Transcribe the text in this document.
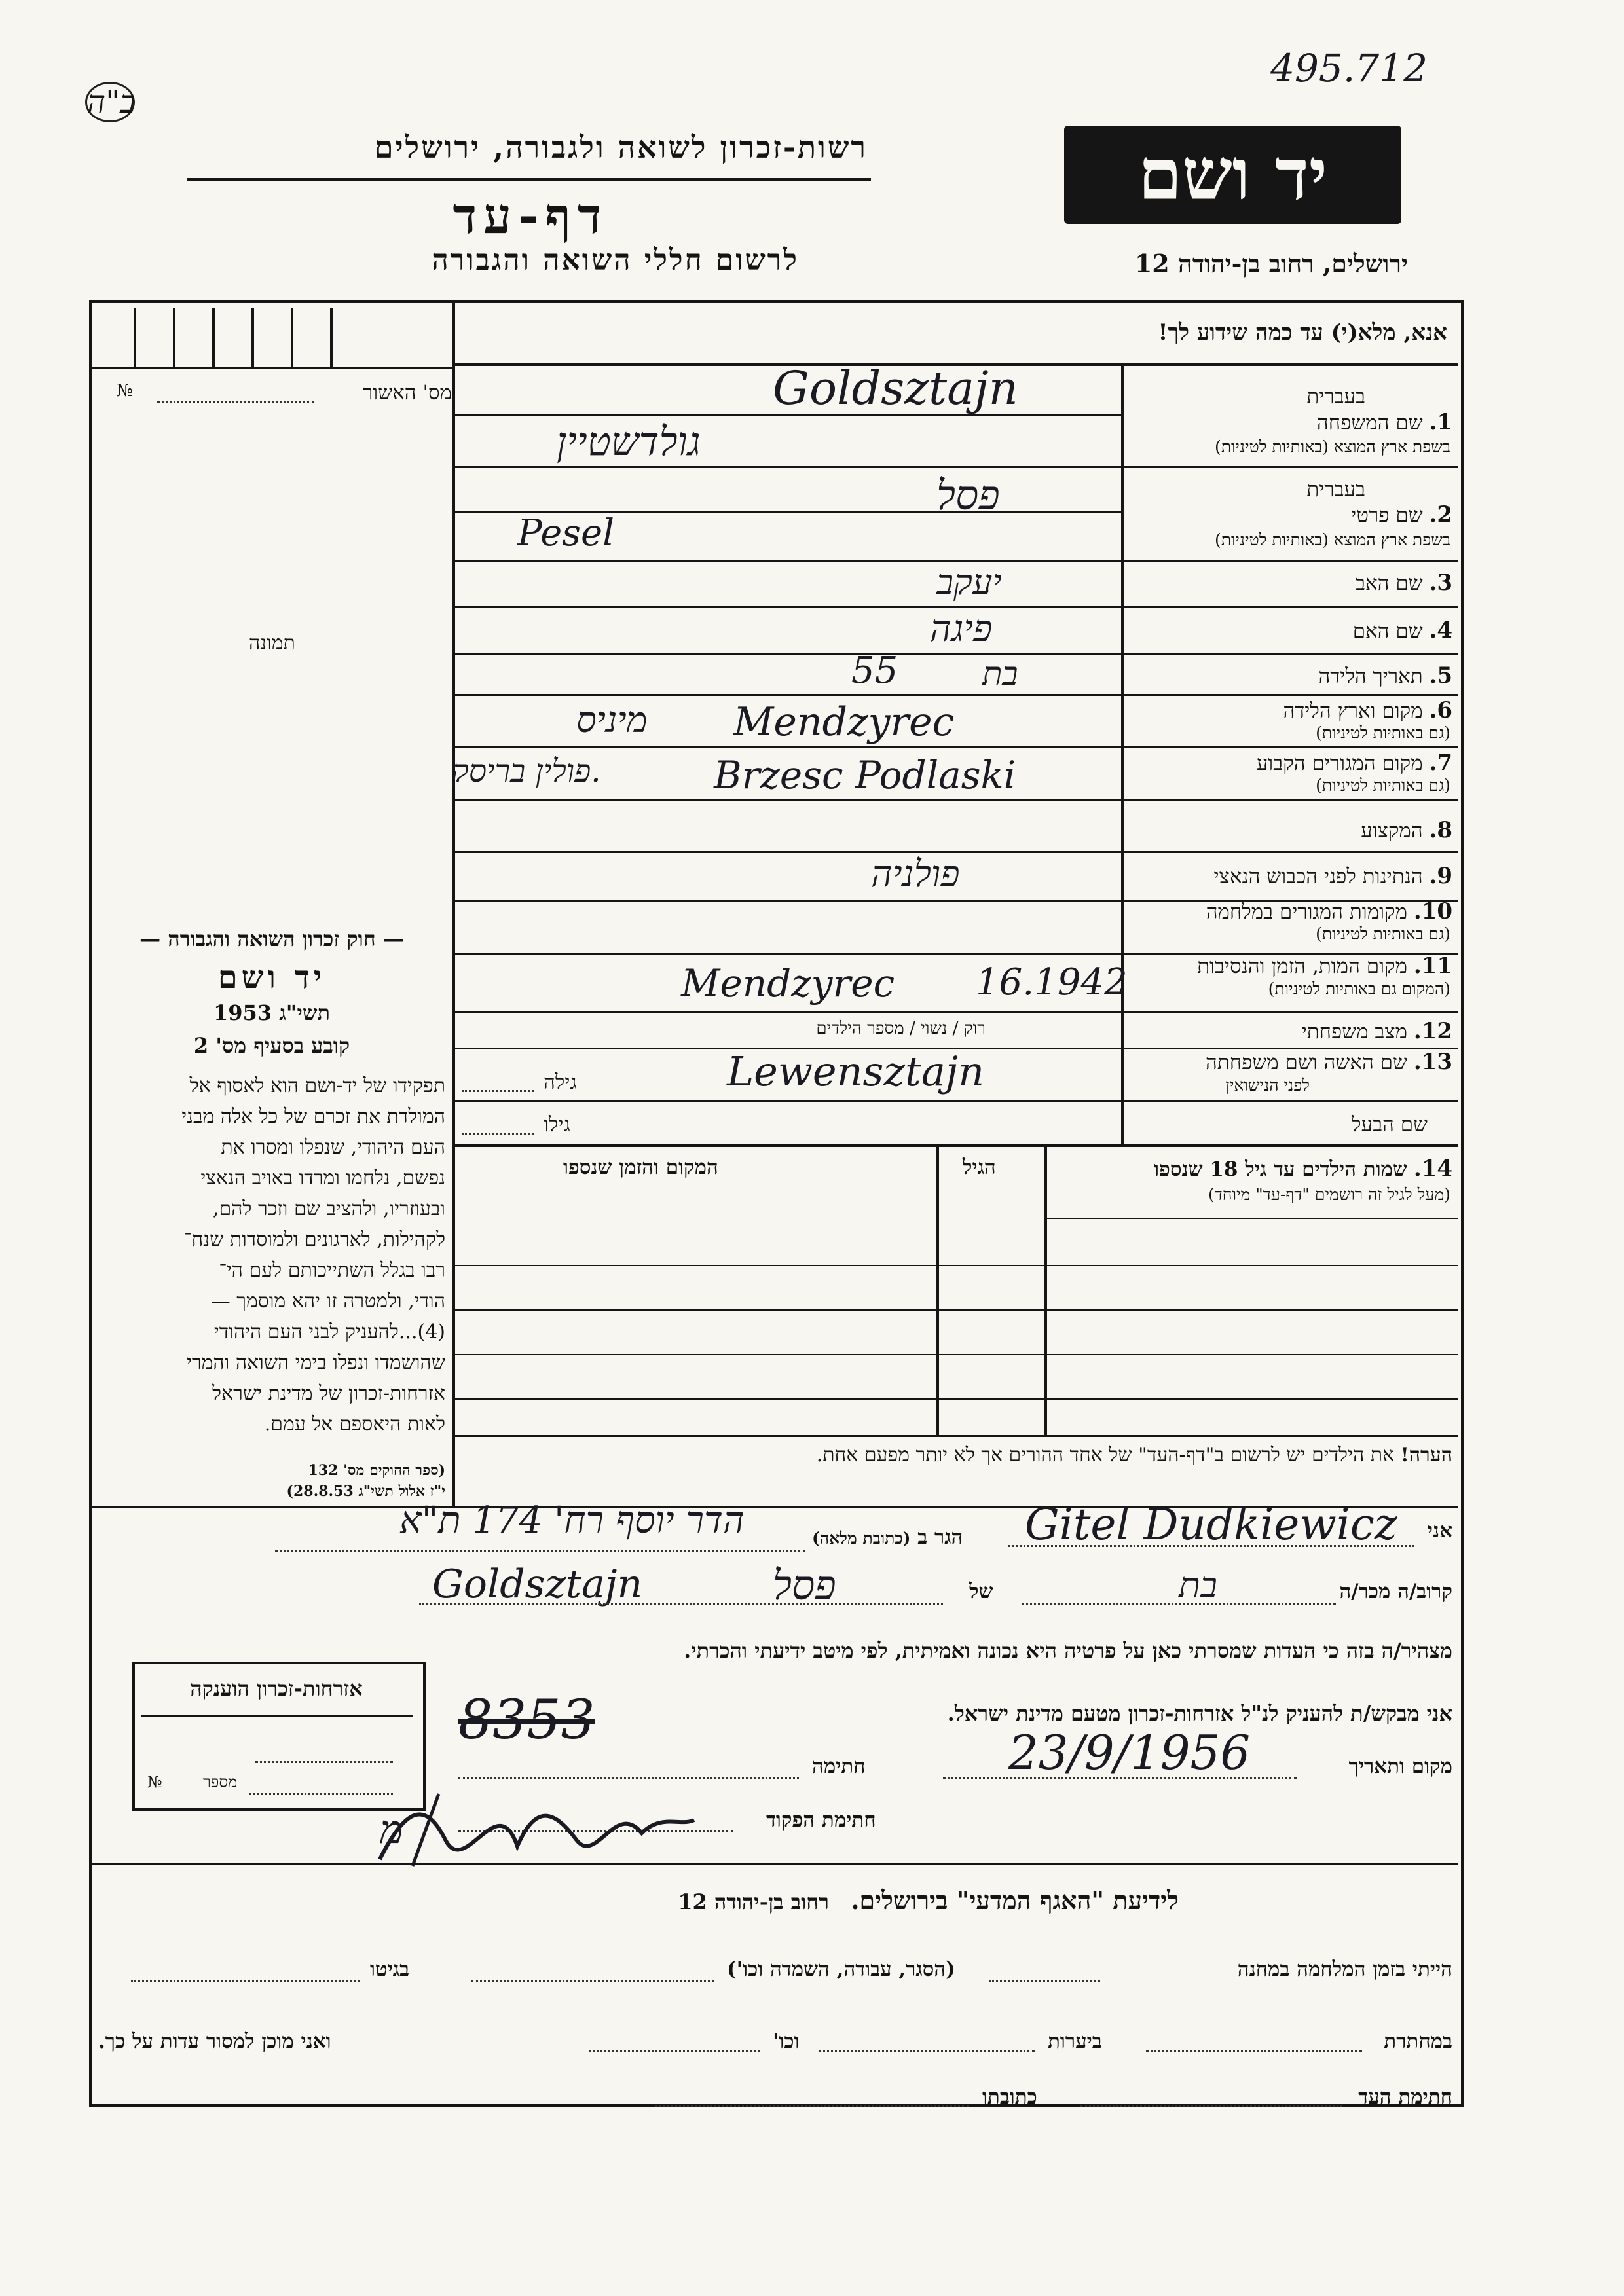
495.712
ב"ה
רשות-זכרון לשואה ולגבורה, ירושלים
דף-עד
לרשום חללי השואה והגבורה
יד ושם
ירושלים, רחוב בן-יהודה 12
מס' האשור
№
תמונה
— חוק זכרון השואה והגבורה —
יד ושם
תשי"ג 1953
קובע בסעיף מס' 2
תפקידו של יד-ושם הוא לאסוף אל
המולדת את זכרם של כל אלה מבני
העם היהודי, שנפלו ומסרו את
נפשם, נלחמו ומרדו באויב הנאצי
ובעוזריו, ולהציב שם וזכר להם,
לקהילות, לארגונים ולמוסדות שנח־
רבו בגלל השתייכותם לעם הי־
הודי, ולמטרה זו יהא מוסמך —
(4)...להעניק לבני העם היהודי
שהושמדו ונפלו בימי השואה והמרי
אזרחות-זכרון של מדינת ישראל
לאות היאספם אל עמם.
(ספר החוקים מס' 132
י"ז אלול תשי"ג 28.8.53)
אזרחות-זכרון הוענקה
מספר
№
אנא, מלא(י) עד כמה שידוע לך!
בעברית
1. שם המשפחה
בשפת ארץ המוצא (באותיות לטיניות)
Goldsztajn
גולדשטיין
בעברית
2. שם פרטי
בשפת ארץ המוצא (באותיות לטיניות)
פסל
Pesel
3. שם האב
יעקב
4. שם האם
פיגה
5. תאריך הלידה
55	בת
6. מקום וארץ הלידה
(גם באותיות לטיניות)
מיניס Mendzyrec
7. מקום המגורים הקבוע
(גם באותיות לטיניות)
.פולין בריסק	Brzesc Podlaski
8. המקצוע
9. הנתינות לפני הכבוש הנאצי
פולניה
10. מקומות המגורים במלחמה
(גם באותיות לטיניות)
11. מקום המות, הזמן והנסיבות
(המקום גם באותיות לטיניות)
Mendzyrec 16.1942
12. מצב משפחתי
רוק / נשוי / מספר הילדים
13. שם האשה ושם משפחתה
לפני הנישואין
גילה	Lewensztajn
שם הבעל
גילו
14. שמות הילדים עד גיל 18 שנספו
(מעל לגיל זה רושמים "דף-עד" מיוחד)
הגיל
המקום והזמן שנספו
הערה! את הילדים יש לרשום ב"דף-העד" של אחד ההורים אך לא יותר מפעם אחת.
אני
Gitel Dudkiewicz
הגר ב (כתובת מלאה)
הדר יוסף רח' 174 ת"א
קרוב/ה מכר/ה
בת
של
פסל
Goldsztajn
מצהיר/ה בזה כי העדות שמסרתי כאן על פרטיה היא נכונה ואמיתית, לפי מיטב ידיעתי והכרתי.
אני מבקש/ת להעניק לנ"ל אזרחות-זכרון מטעם מדינת ישראל.
מקום ותאריך
23/9/1956
חתימה
חתימת הפקוד
8353
מ
לידיעת "האגף המדעי" בירושלים. רחוב בן-יהודה 12
הייתי בזמן המלחמה במחנה
(הסגר, עבודה, השמדה וכו')
בגיטו
במחתרת
ביערות
וכו'
ואני מוכן למסור עדות על כך.
חתימת העד
כתובתו
